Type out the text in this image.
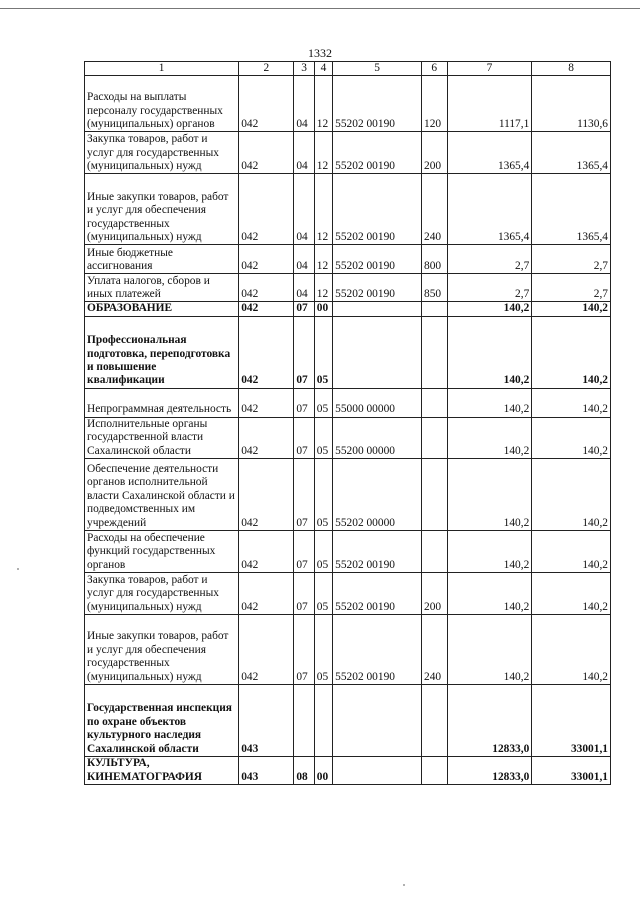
1332
1	2	3	4	5	6	7	8
Расходы на выплаты персоналу государственных (муниципальных) органов	042	04	12	55202 00190	120	1117,1	1130,6
Закупка товаров, работ и услуг для государственных (муниципальных) нужд	042	04	12	55202 00190	200	1365,4	1365,4
Иные закупки товаров, работ и услуг для обеспечения государственных (муниципальных) нужд	042	04	12	55202 00190	240	1365,4	1365,4
Иные бюджетные ассигнования	042	04	12	55202 00190	800	2,7	2,7
Уплата налогов, сборов и иных платежей	042	04	12	55202 00190	850	2,7	2,7
ОБРАЗОВАНИЕ	042	07	00			140,2	140,2
Профессиональная подготовка, переподготовка и повышение квалификации	042	07	05			140,2	140,2
Непрограммная деятельность	042	07	05	55000 00000		140,2	140,2
Исполнительные органы государственной власти Сахалинской области	042	07	05	55200 00000		140,2	140,2
Обеспечение деятельности органов исполнительной власти Сахалинской области и подведомственных им учреждений	042	07	05	55202 00000		140,2	140,2
Расходы на обеспечение функций государственных органов	042	07	05	55202 00190		140,2	140,2
Закупка товаров, работ и услуг для государственных (муниципальных) нужд	042	07	05	55202 00190	200	140,2	140,2
Иные закупки товаров, работ и услуг для обеспечения государственных (муниципальных) нужд	042	07	05	55202 00190	240	140,2	140,2
Государственная инспекция по охране объектов культурного наследия Сахалинской области	043					12833,0	33001,1
КУЛЬТУРА, КИНЕМАТОГРАФИЯ	043	08	00			12833,0	33001,1
